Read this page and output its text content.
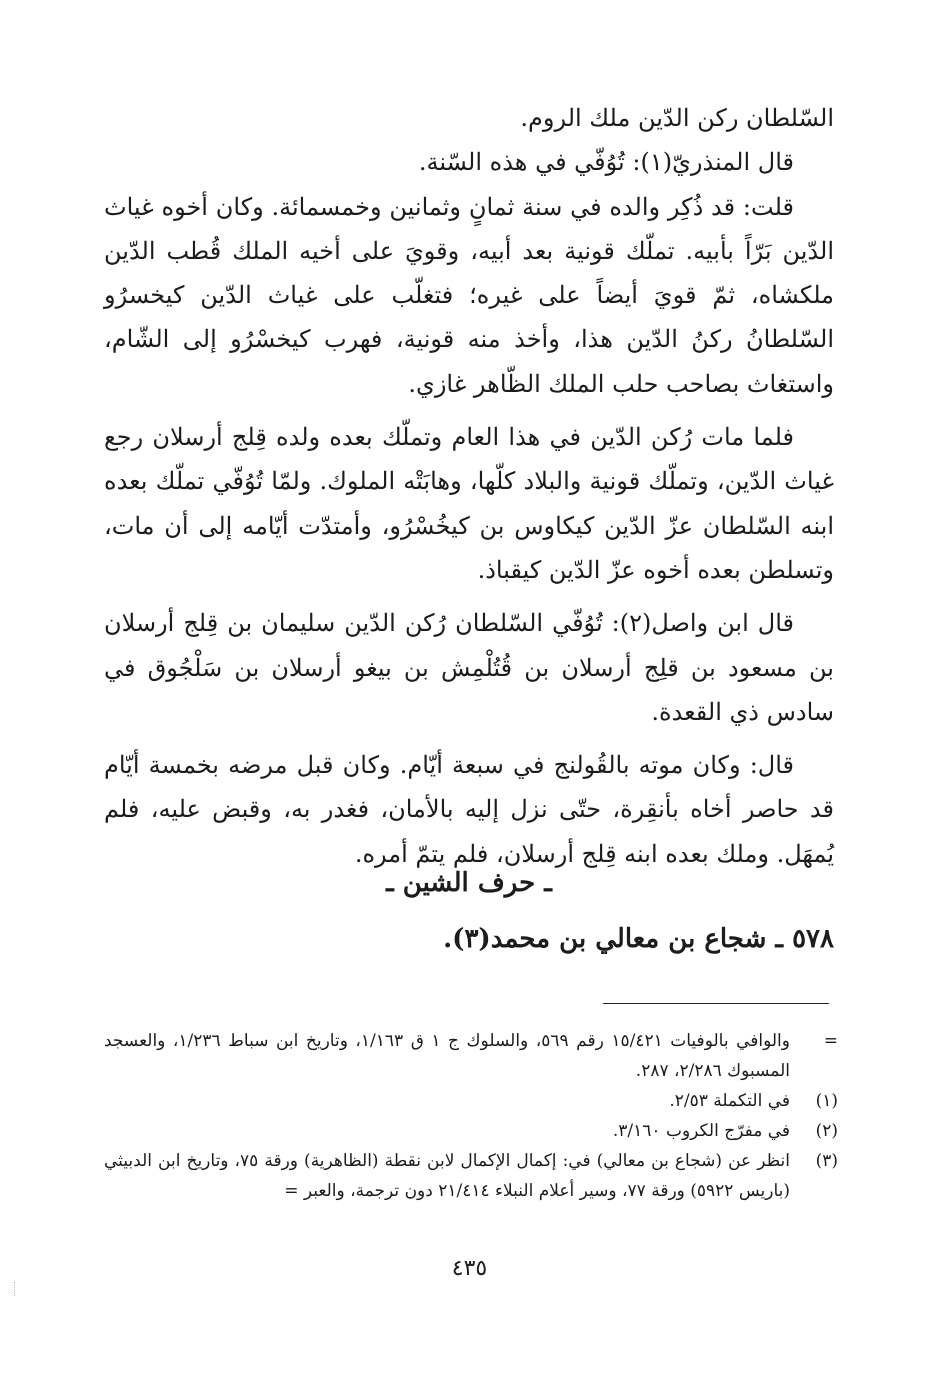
السّلطان ركن الدّين ملك الروم.

قال المنذريّ(١): تُوُفّي في هذه السّنة.

قلت: قد ذُكِر والده في سنة ثمانٍ وثمانين وخمسمائة. وكان أخوه غياث الدّين بَرّاً بأبيه. تملّك قونية بعد أبيه، وقويَ على أخيه الملك قُطب الدّين ملكشاه، ثمّ قويَ أيضاً على غيره؛ فتغلّب على غياث الدّين كيخسرُو السّلطانُ ركنُ الدّين هذا، وأخذ منه قونية، فهرب كيخسْرُو إلى الشّام، واستغاث بصاحب حلب الملك الظّاهر غازي.

فلما مات رُكن الدّين في هذا العام وتملّك بعده ولده قِلج أرسلان رجع غياث الدّين، وتملّك قونية والبلاد كلّها، وهابَتْه الملوك. ولمّا تُوُفّي تملّك بعده ابنه السّلطان عزّ الدّين كيكاوس بن كيخُسْرُو، وأمتدّت أيّامه إلى أن مات، وتسلطن بعده أخوه عزّ الدّين كيقباذ.

قال ابن واصل(٢): تُوُفّي السّلطان رُكن الدّين سليمان بن قِلج أرسلان بن مسعود بن قلِج أرسلان بن قُتُلْمِش بن بيغو أرسلان بن سَلْجُوق في سادس ذي القعدة.

قال: وكان موته بالقُولنج في سبعة أيّام. وكان قبل مرضه بخمسة أيّام قد حاصر أخاه بأنقِرة، حتّى نزل إليه بالأمان، فغدر به، وقبض عليه، فلم يُمهَل. وملك بعده ابنه قِلج أرسلان، فلم يتمّ أمره.

ـ حرف الشين ـ
٥٧٨ ـ شجاع بن معالي بن محمد(٣).
=
والوافي بالوفيات ١٥/٤٢١ رقم ٥٦٩، والسلوك ج ١ ق ١/١٦٣، وتاريخ ابن سباط ١/٢٣٦، والعسجد المسبوك ٢/٢٨٦، ٢٨٧.
(١)
في التكملة ٢/٥٣.
(٢)
في مفرّج الكروب ٣/١٦٠.
(٣)
انظر عن (شجاع بن معالي) في: إكمال الإكمال لابن نقطة (الظاهرية) ورقة ٧٥، وتاريخ ابن الدبيثي (باريس ٥٩٢٢) ورقة ٧٧، وسير أعلام النبلاء ٢١/٤١٤ دون ترجمة، والعبر =
٤٣٥
